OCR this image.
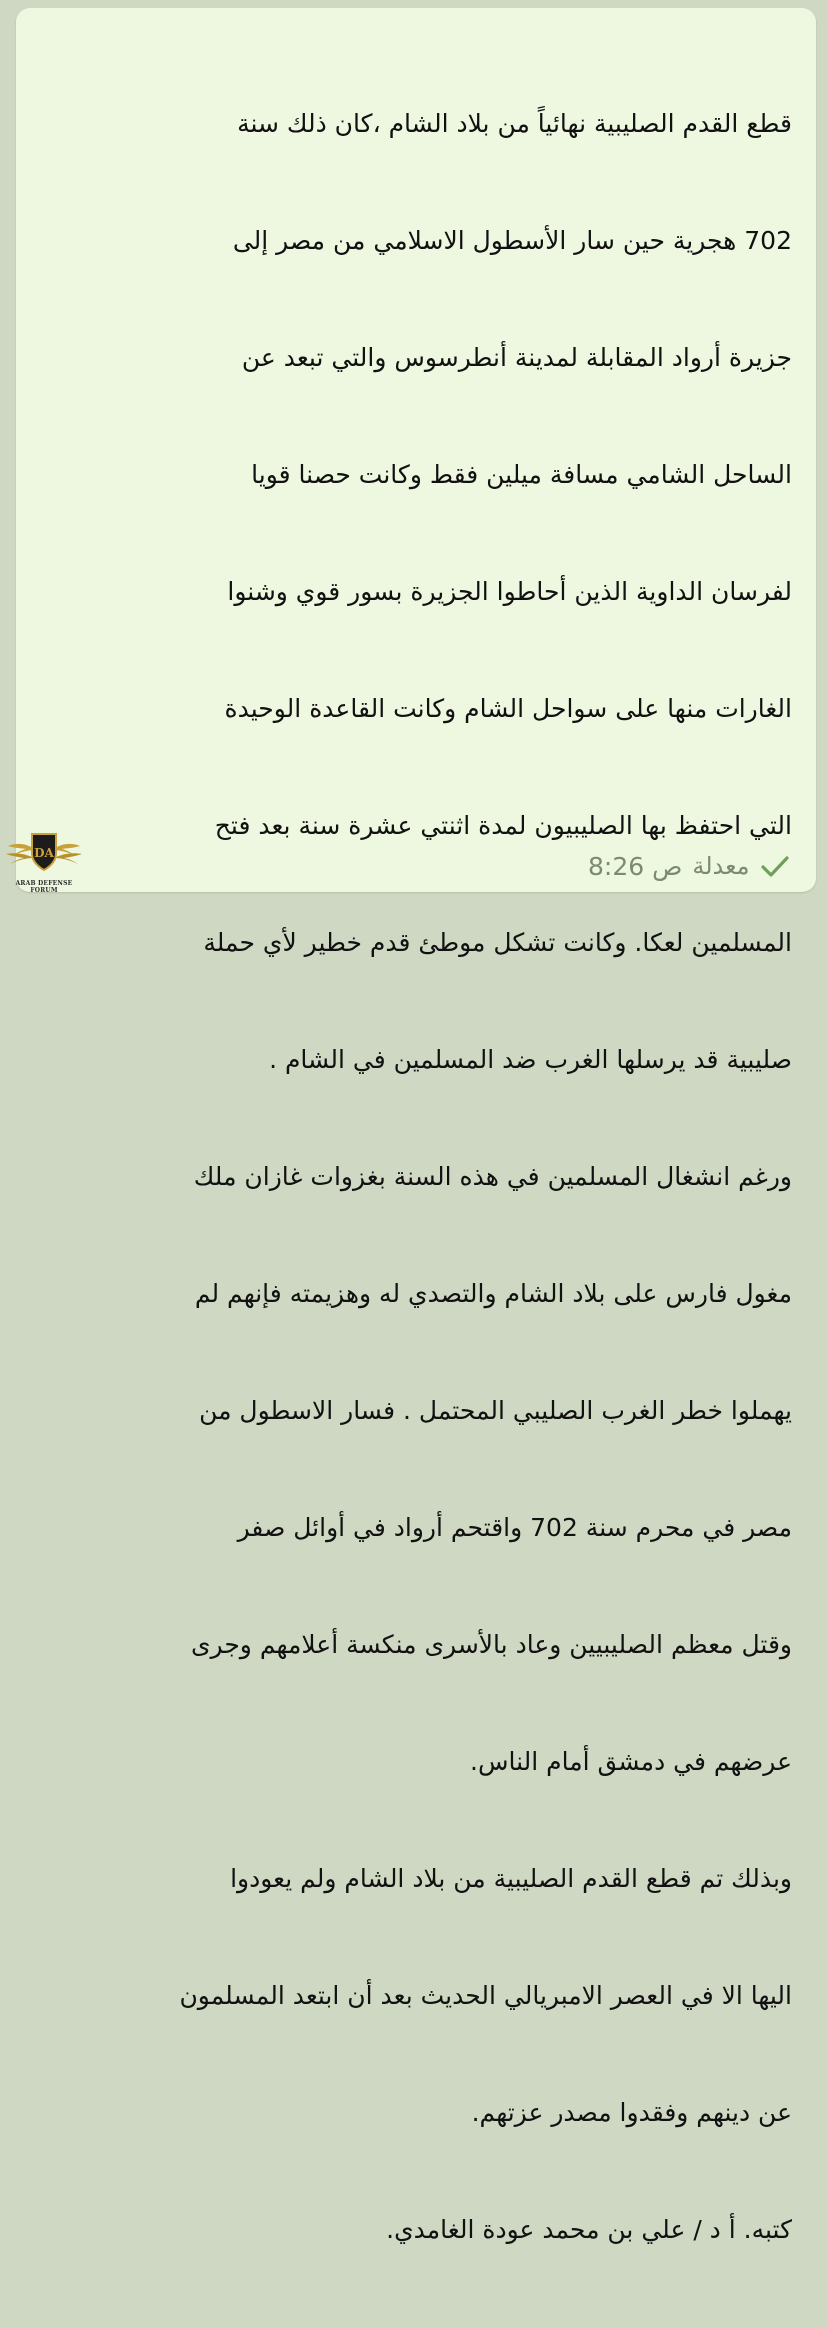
قطع القدم الصليبية نهائياً من بلاد الشام ،كان ذلك سنة

702 هجرية حين سار الأسطول الاسلامي من مصر إلى

جزيرة أرواد المقابلة لمدينة أنطرسوس والتي تبعد عن

الساحل الشامي مسافة ميلين فقط وكانت حصنا قويا

لفرسان الداوية الذين أحاطوا الجزيرة بسور قوي وشنوا

الغارات منها على سواحل الشام وكانت القاعدة الوحيدة

التي احتفظ بها الصليبيون لمدة اثنتي عشرة سنة بعد فتح

المسلمين لعكا. وكانت تشكل موطئ قدم خطير لأي حملة

صليبية قد يرسلها الغرب ضد المسلمين في الشام .

ورغم انشغال المسلمين في هذه السنة بغزوات غازان ملك

مغول فارس على بلاد الشام والتصدي له وهزيمته فإنهم لم

يهملوا خطر الغرب الصليبي المحتمل . فسار الاسطول من

مصر في محرم سنة 702 واقتحم أرواد في أوائل صفر

وقتل معظم الصليبيين وعاد بالأسرى منكسة أعلامهم وجرى

عرضهم في دمشق أمام الناس.

وبذلك تم قطع القدم الصليبية من بلاد الشام ولم يعودوا

اليها الا في العصر الامبريالي الحديث بعد أن ابتعد المسلمون

عن دينهم وفقدوا مصدر عزتهم.

كتبه. أ د / علي بن محمد عودة الغامدي.

8:26 ص معدلة
DA
ARAB DEFENSE FORUM
